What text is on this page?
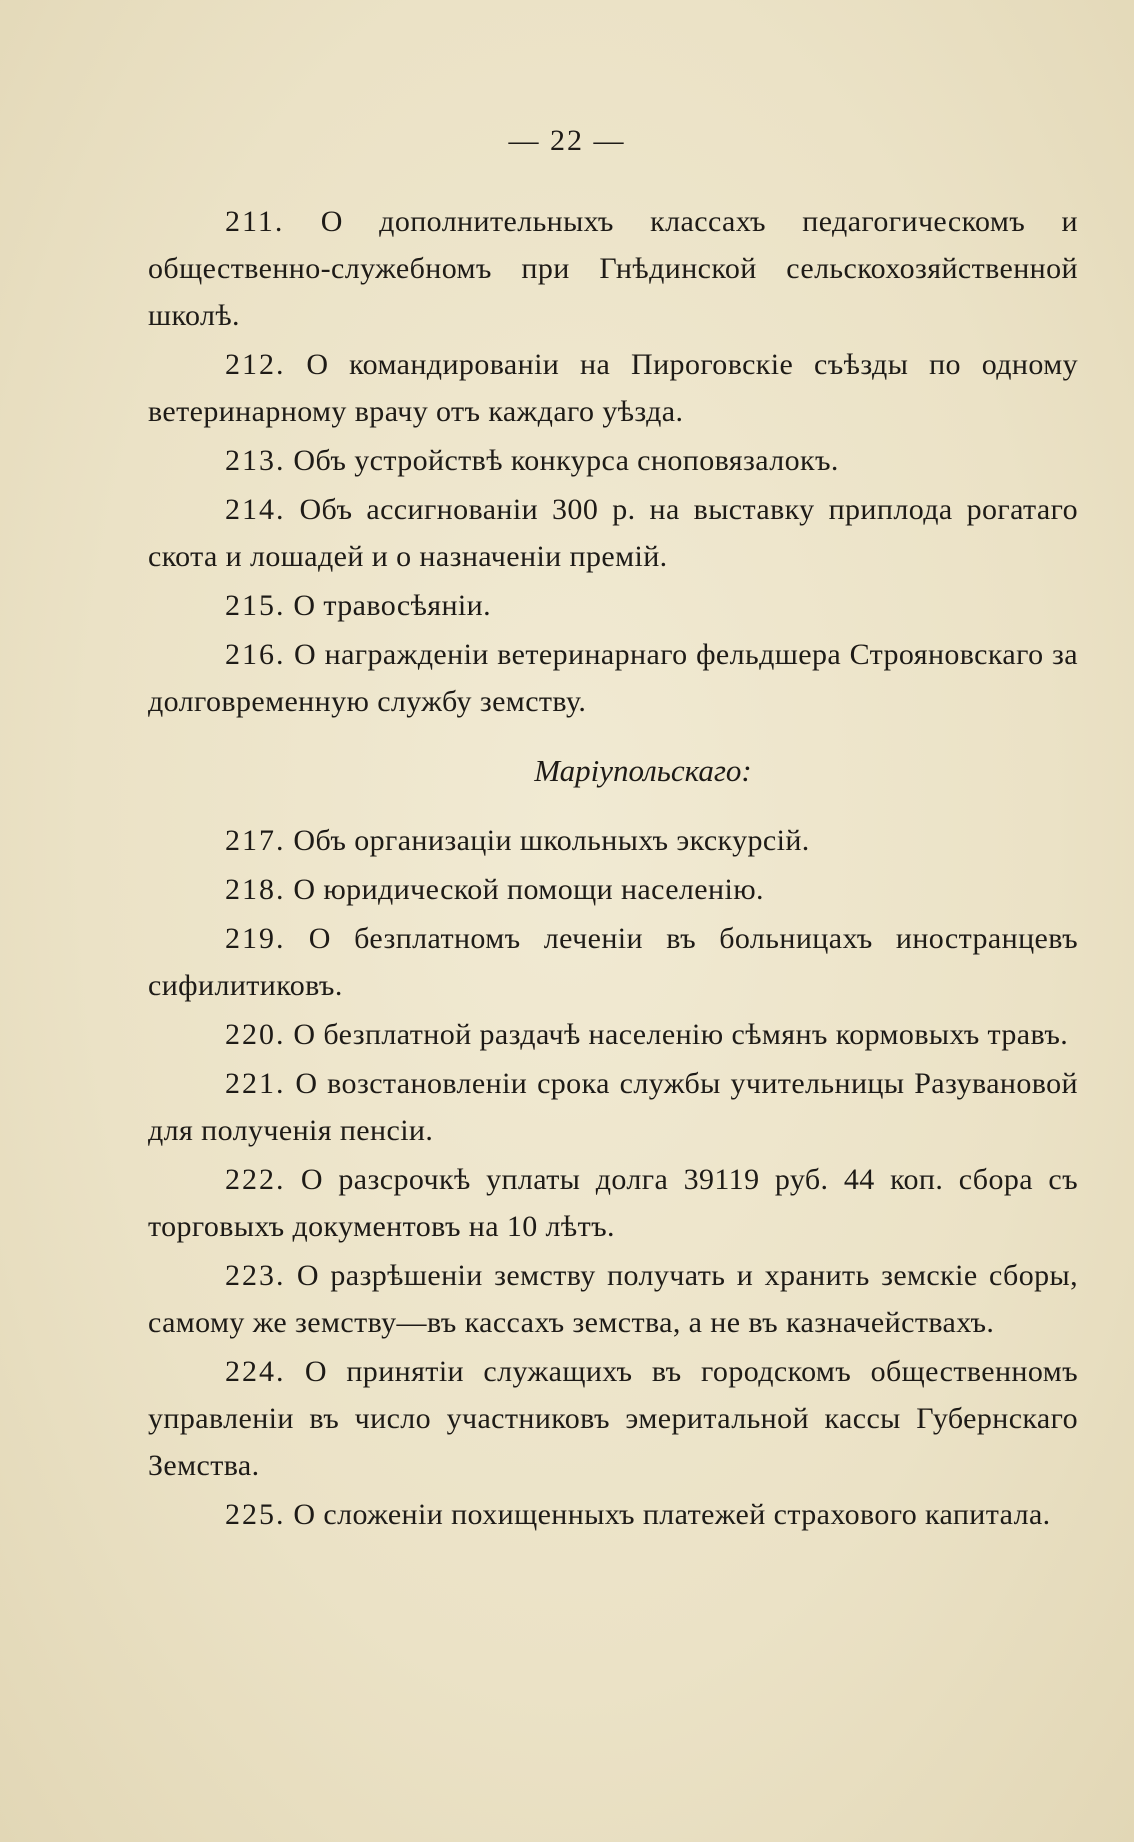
— 22 —

211. О дополнительныхъ классахъ педагогическомъ и общественно-служебномъ при Гнѣдинской сельскохозяйственной школѣ.

212. О командированіи на Пироговскіе съѣзды по одному ветеринарному врачу отъ каждаго уѣзда.

213. Объ устройствѣ конкурса сноповязалокъ.

214. Объ ассигнованіи 300 р. на выставку приплода рогатаго скота и лошадей и о назначеніи премій.

215. О травосѣяніи.

216. О награжденіи ветеринарнаго фельдшера Строяновскаго за долговременную службу земству.

Маріупольскаго:

217. Объ организаціи школьныхъ экскурсій.

218. О юридической помощи населенію.

219. О безплатномъ леченіи въ больницахъ иностранцевъ сифилитиковъ.

220. О безплатной раздачѣ населенію сѣмянъ кормовыхъ травъ.

221. О возстановленіи срока службы учительницы Разувановой для полученія пенсіи.

222. О разсрочкѣ уплаты долга 39119 руб. 44 коп. сбора съ торговыхъ документовъ на 10 лѣтъ.

223. О разрѣшеніи земству получать и хранить земскіе сборы, самому же земству—въ кассахъ земства, а не въ казначействахъ.

224. О принятіи служащихъ въ городскомъ общественномъ управленіи въ число участниковъ эмеритальной кассы Губернскаго Земства.

225. О сложеніи похищенныхъ платежей страхового капитала.
